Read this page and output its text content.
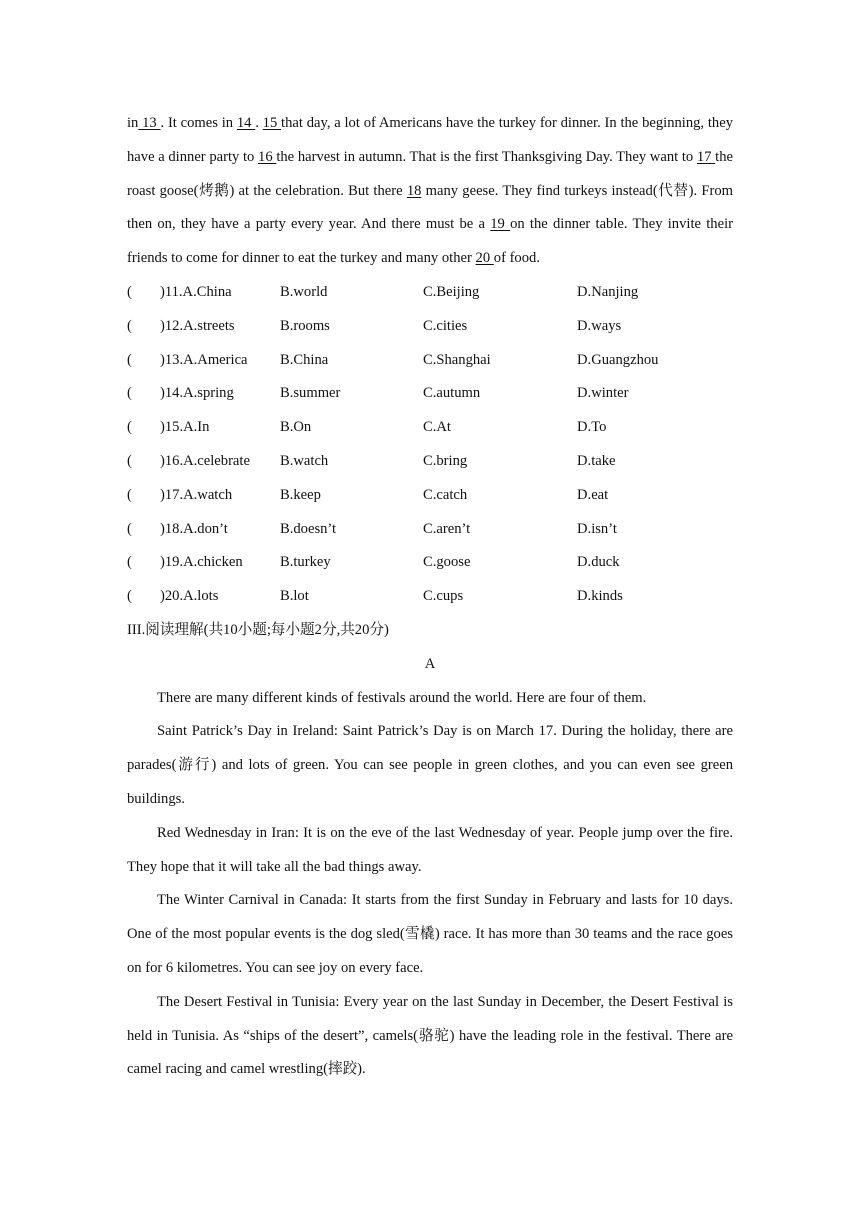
in 13 . It comes in 14 . 15 that day, a lot of Americans have the turkey for dinner. In the beginning, they have a dinner party to 16 the harvest in autumn. That is the first Thanksgiving Day. They want to 17 the roast goose(烤鹅) at the celebration. But there 18 many geese. They find turkeys instead(代替). From then on, they have a party every year. And there must be a 19 on the dinner table. They invite their friends to come for dinner to eat the turkey and many other 20 of food.

( )11.A.China	B.world	C.Beijing	D.Nanjing
( )12.A.streets	B.rooms	C.cities	D.ways
( )13.A.America B.China	C.Shanghai	D.Guangzhou
( )14.A.spring	B.summer	C.autumn	D.winter
( )15.A.In	B.On	C.At	D.To
( )16.A.celebrate B.watch	C.bring	D.take
( )17.A.watch	B.keep	C.catch	D.eat
( )18.A.don’t	B.doesn’t	C.aren’t	D.isn’t
( )19.A.chicken	B.turkey	C.goose	D.duck
( )20.A.lots	B.lot	C.cups	D.kinds

III.阅读理解(共10小题;每小题2分,共20分)

A

There are many different kinds of festivals around the world. Here are four of them.

Saint Patrick’s Day in Ireland: Saint Patrick’s Day is on March 17. During the holiday, there are parades(游行) and lots of green. You can see people in green clothes, and you can even see green buildings.

Red Wednesday in Iran: It is on the eve of the last Wednesday of year. People jump over the fire. They hope that it will take all the bad things away.

The Winter Carnival in Canada: It starts from the first Sunday in February and lasts for 10 days. One of the most popular events is the dog sled(雪橇) race. It has more than 30 teams and the race goes on for 6 kilometres. You can see joy on every face.

The Desert Festival in Tunisia: Every year on the last Sunday in December, the Desert Festival is held in Tunisia. As “ships of the desert”, camels(骆驼) have the leading role in the festival. There are camel racing and camel wrestling(摔跤).
